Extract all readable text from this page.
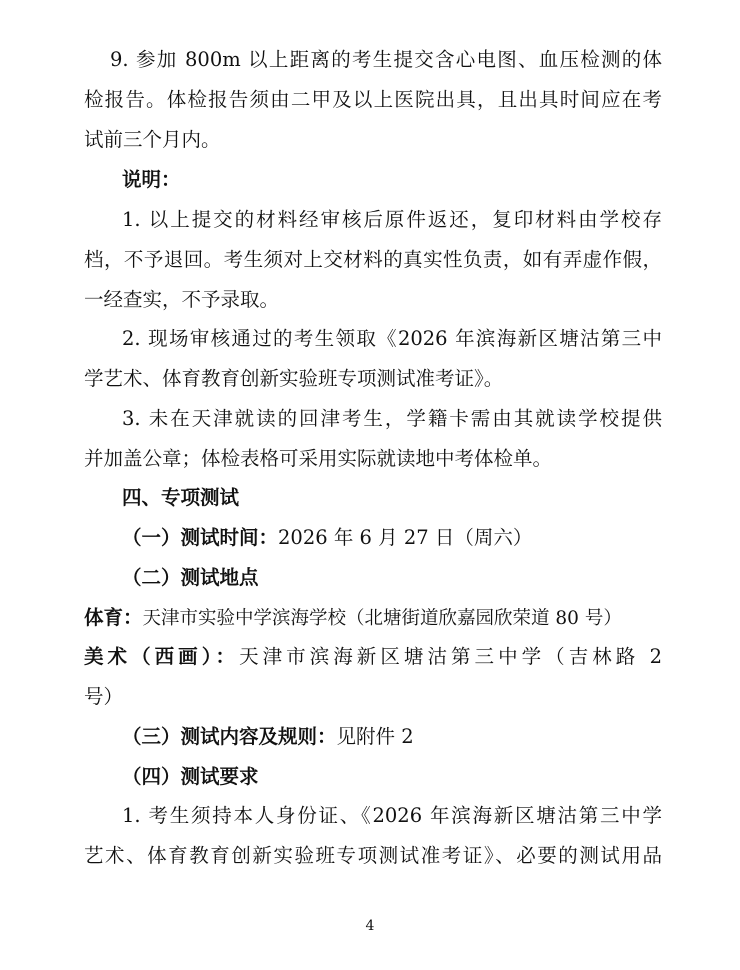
9. 参加 800m 以上距离的考生提交含心电图、血压检测的体
检报告。体检报告须由二甲及以上医院出具，且出具时间应在考
试前三个月内。
说明：
1. 以上提交的材料经审核后原件返还，复印材料由学校存
档，不予退回。考生须对上交材料的真实性负责，如有弄虚作假，
一经查实，不予录取。
2. 现场审核通过的考生领取《2026 年滨海新区塘沽第三中
学艺术、体育教育创新实验班专项测试准考证》。
3. 未在天津就读的回津考生，学籍卡需由其就读学校提供
并加盖公章；体检表格可采用实际就读地中考体检单。
四、专项测试
（一）测试时间：2026 年 6 月 27 日（周六）
（二）测试地点
体育：天津市实验中学滨海学校（北塘街道欣嘉园欣荣道 80 号）
美术（西画）：天津市滨海新区塘沽第三中学（吉林路 2
号）
（三）测试内容及规则：见附件 2
（四）测试要求
1. 考生须持本人身份证、《2026 年滨海新区塘沽第三中学
艺术、体育教育创新实验班专项测试准考证》、必要的测试用品
4
